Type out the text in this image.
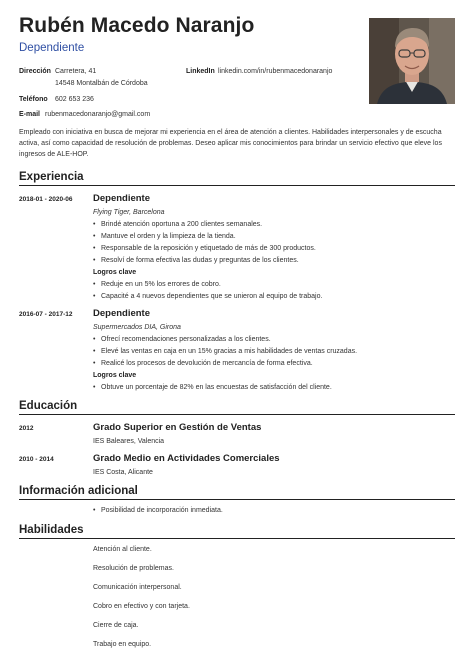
Rubén Macedo Naranjo
Dependiente
Dirección Carretera, 41
14548 Montalbán de Córdoba
LinkedIn linkedin.com/in/rubenmacedonaranjo
Teléfono 602 653 236
E-mail rubenmacedonaranjo@gmail.com
Empleado con iniciativa en busca de mejorar mi experiencia en el área de atención a clientes. Habilidades interpersonales y de escucha
activa, así como capacidad de resolución de problemas. Deseo aplicar mis conocimientos para brindar un servicio efectivo que eleve los
ingresos de ALE-HOP.
Experiencia
2018-01 - 2020-06 Dependiente
Flying Tiger, Barcelona
• Brindé atención oportuna a 200 clientes semanales.
• Mantuve el orden y la limpieza de la tienda.
• Responsable de la reposición y etiquetado de más de 300 productos.
• Resolví de forma efectiva las dudas y preguntas de los clientes.
Logros clave
• Reduje en un 5% los errores de cobro.
• Capacité a 4 nuevos dependientes que se unieron al equipo de trabajo.
2016-07 - 2017-12 Dependiente
Supermercados DIA, Girona
• Ofrecí recomendaciones personalizadas a los clientes.
• Elevé las ventas en caja en un 15% gracias a mis habilidades de ventas cruzadas.
• Realicé los procesos de devolución de mercancía de forma efectiva.
Logros clave
• Obtuve un porcentaje de 82% en las encuestas de satisfacción del cliente.
Educación
2012	Grado Superior en Gestión de Ventas
IES Baleares, Valencia
2010 - 2014	Grado Medio en Actividades Comerciales
IES Costa, Alicante
Información adicional
• Posibilidad de incorporación inmediata.
Habilidades
Atención al cliente.
Resolución de problemas.
Comunicación interpersonal.
Cobro en efectivo y con tarjeta.
Cierre de caja.
Trabajo en equipo.
